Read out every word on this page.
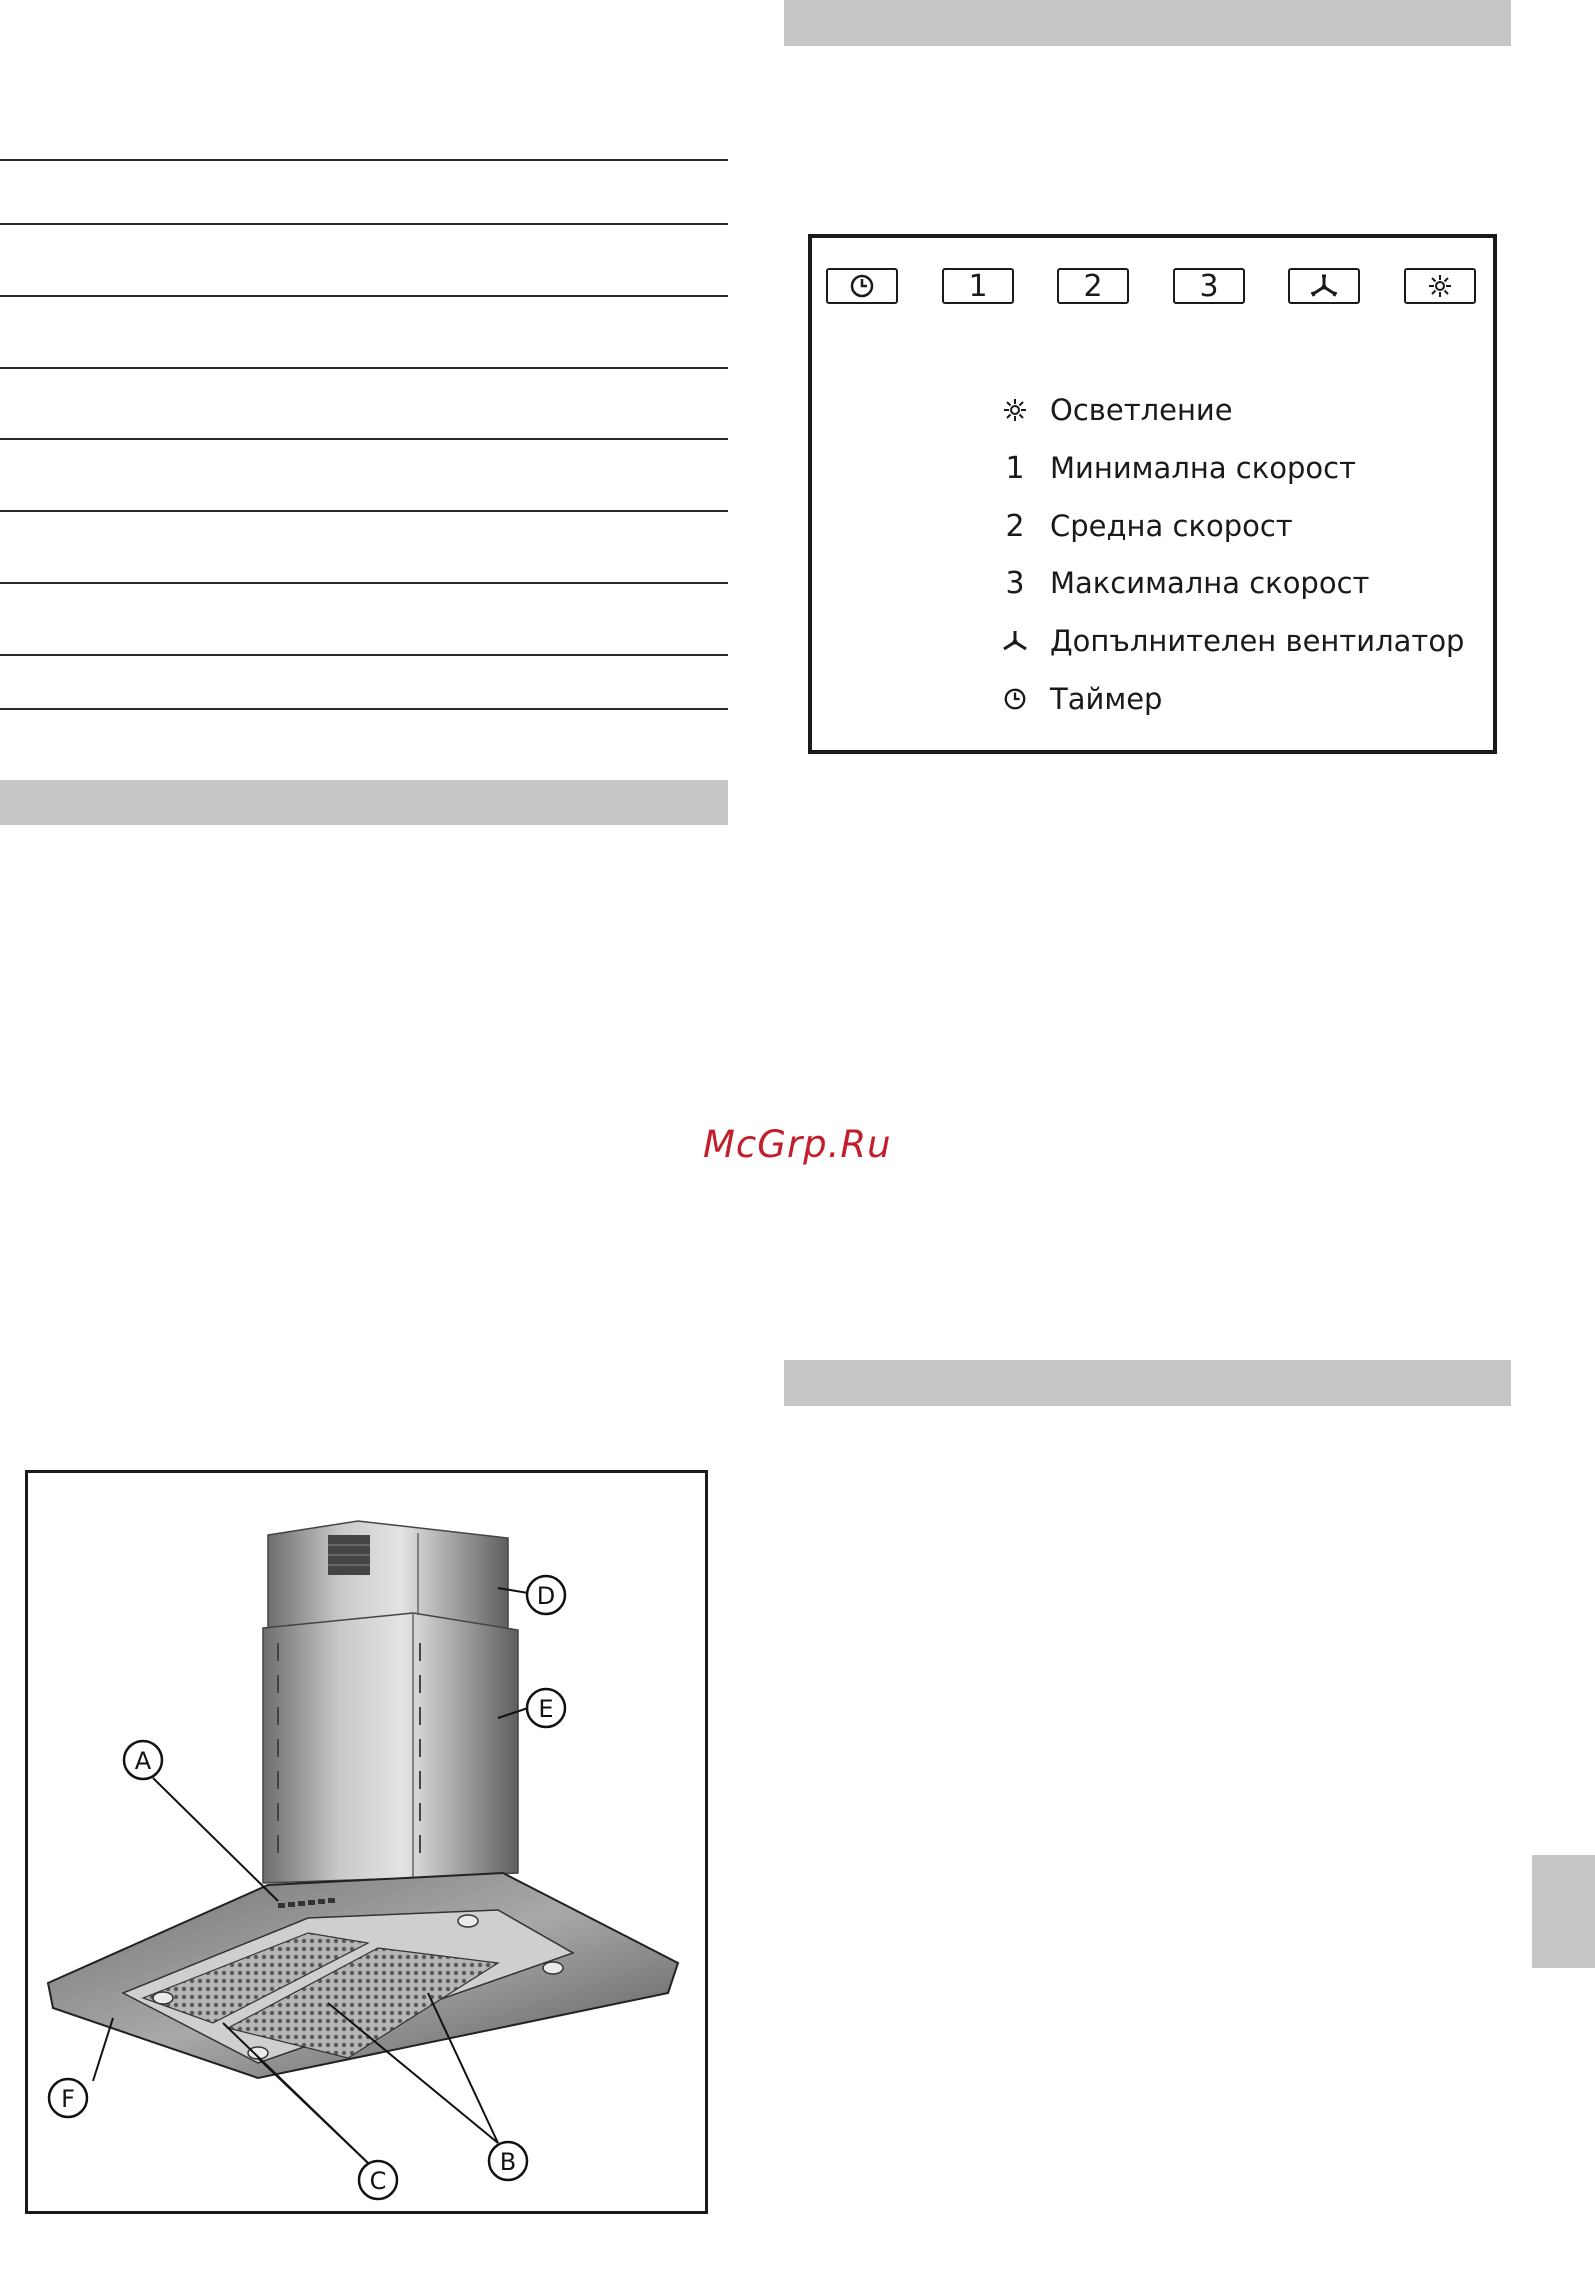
1	2	3
Осветление
1 Минимална скорост
2 Средна скорост
3 Максимална скорост
Допълнителен вентилатор
Таймер
McGrp.Ru
A
D
E
F
C
B
